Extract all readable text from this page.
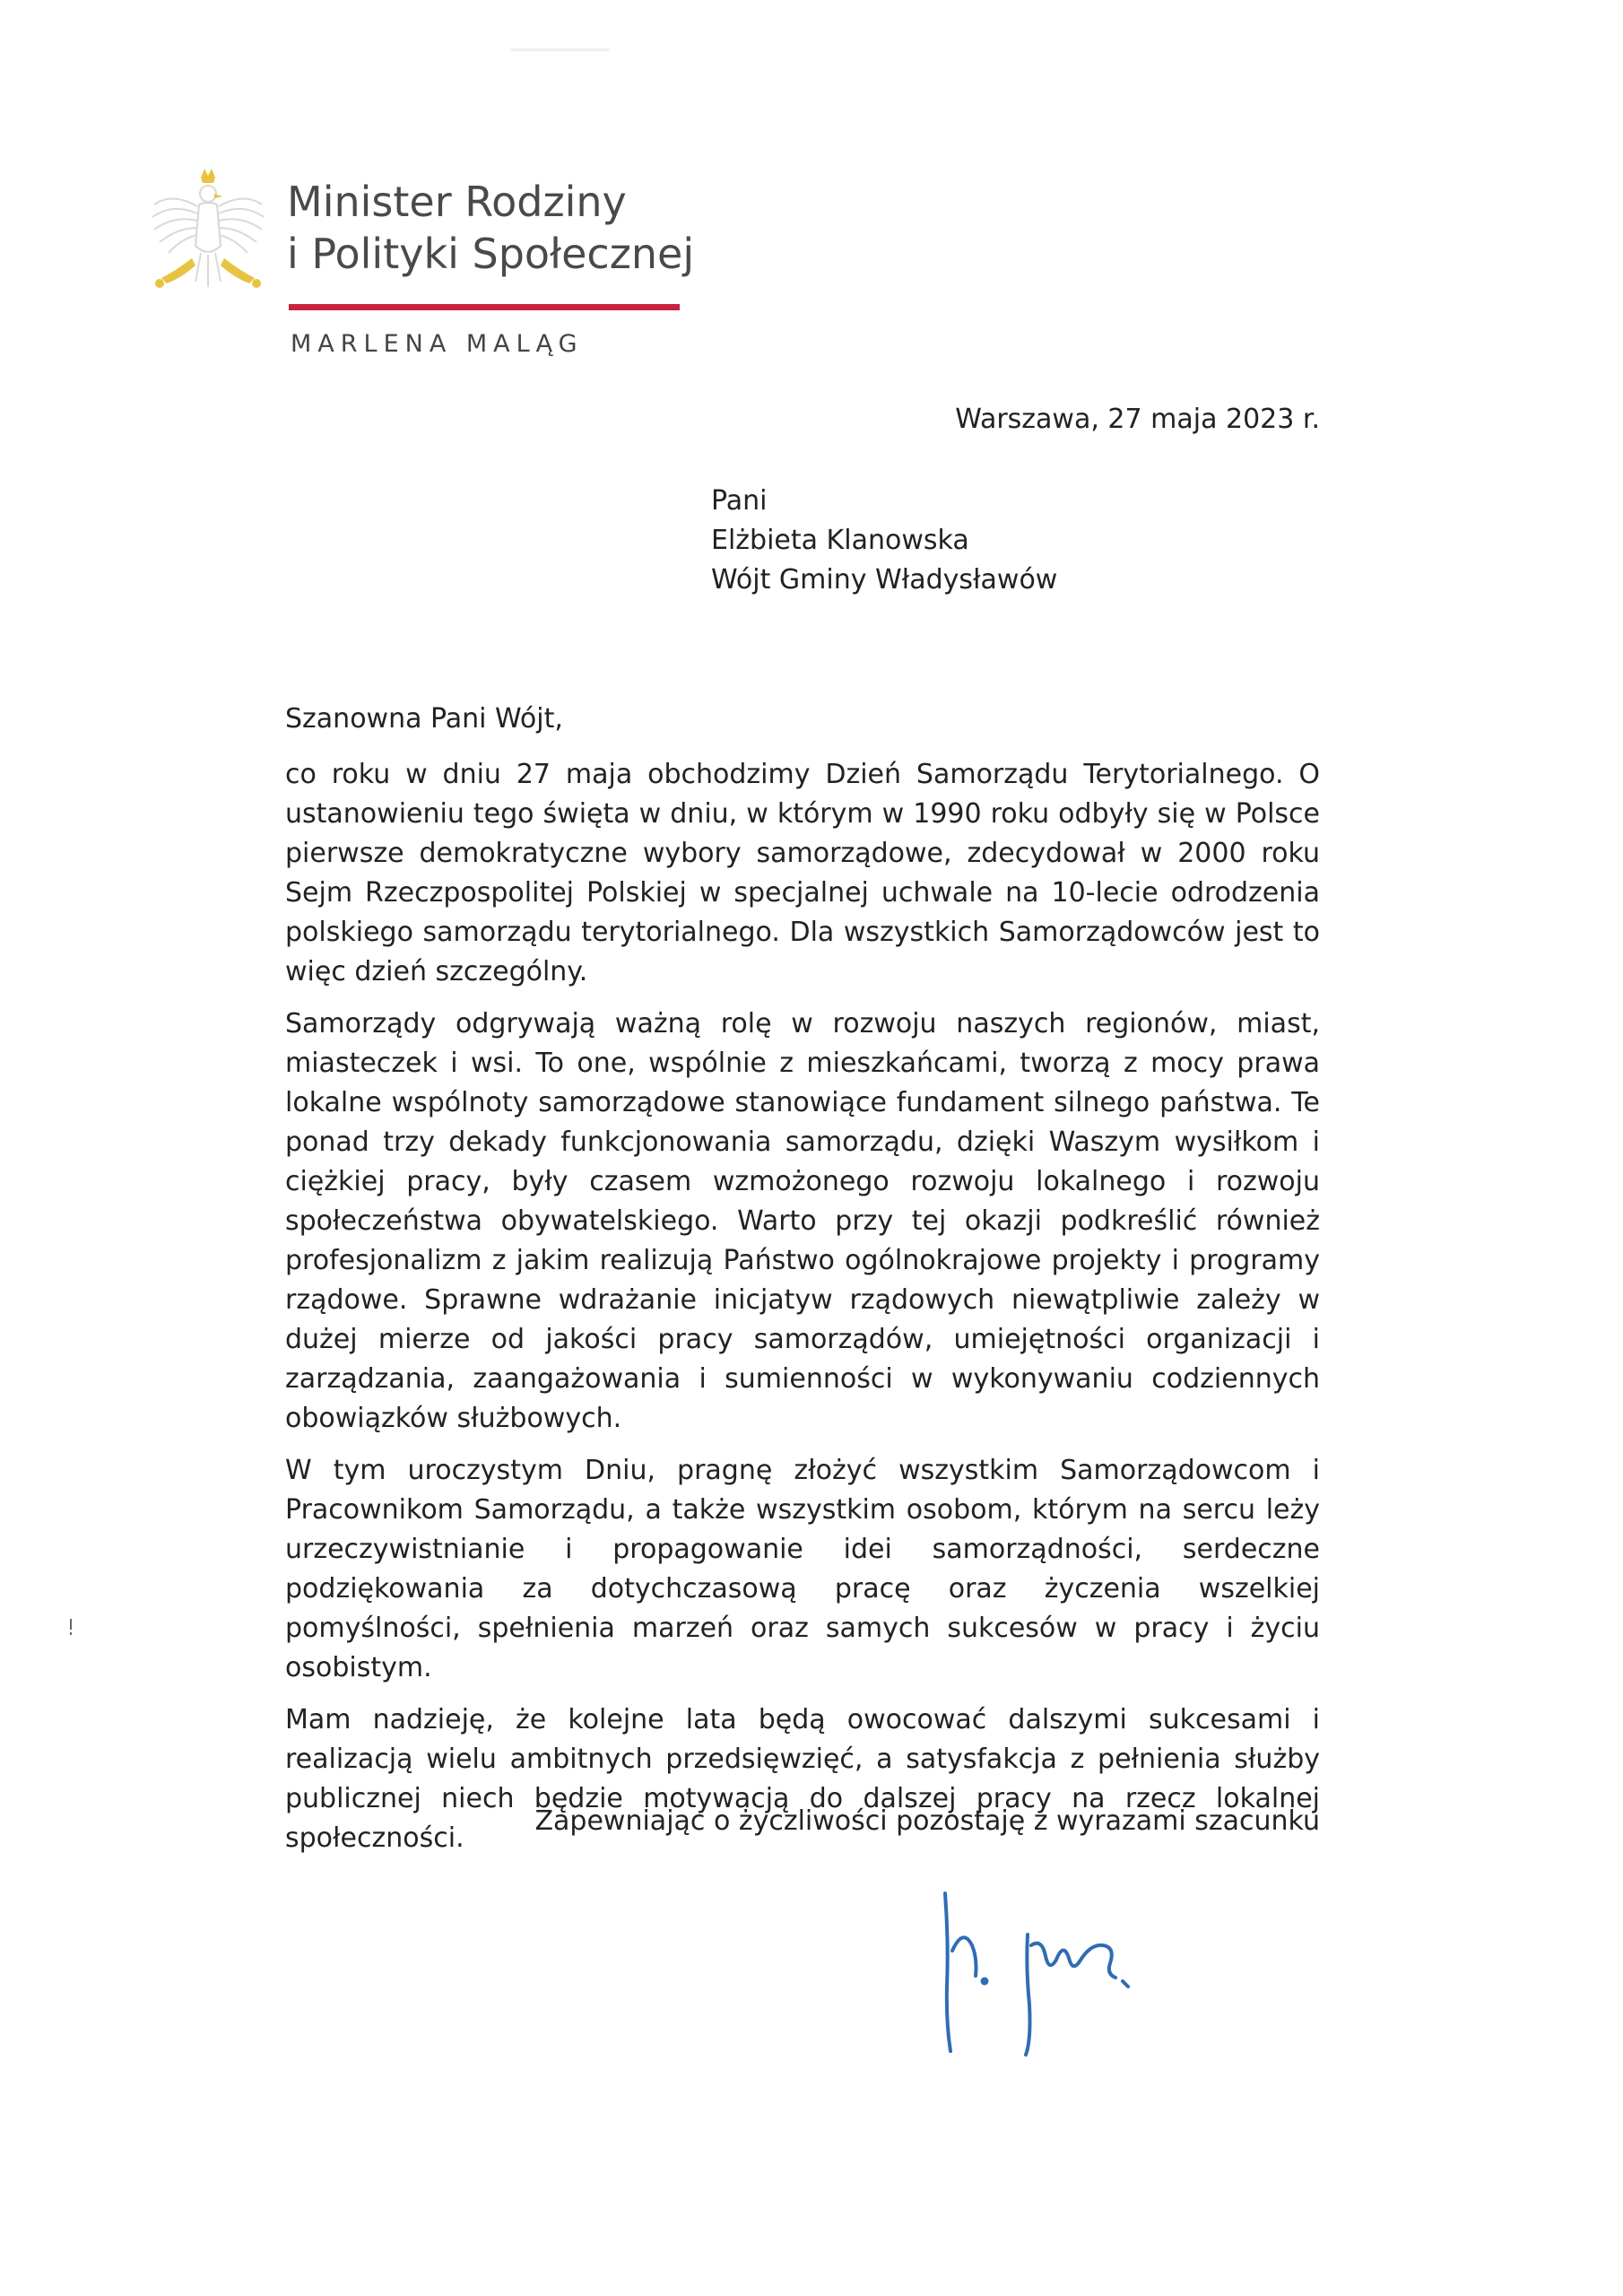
Minister Rodziny
i Polityki Społecznej
MARLENA MALĄG
Warszawa, 27 maja 2023 r.
Pani
Elżbieta Klanowska
Wójt Gminy Władysławów
Szanowna Pani Wójt,

co roku w dniu 27 maja obchodzimy Dzień Samorządu Terytorialnego. O ustanowieniu tego święta w dniu, w którym w 1990 roku odbyły się w Polsce pierwsze demokratyczne wybory samorządowe, zdecydował w 2000 roku Sejm Rzeczpospolitej Polskiej w specjalnej uchwale na 10-lecie odrodzenia polskiego samorządu terytorialnego. Dla wszystkich Samorządowców jest to więc dzień szczególny.

Samorządy odgrywają ważną rolę w rozwoju naszych regionów, miast, miasteczek i wsi. To one, wspólnie z mieszkańcami, tworzą z mocy prawa lokalne wspólnoty samorządowe stanowiące fundament silnego państwa. Te ponad trzy dekady funkcjonowania samorządu, dzięki Waszym wysiłkom i ciężkiej pracy, były czasem wzmożonego rozwoju lokalnego i rozwoju społeczeństwa obywatelskiego. Warto przy tej okazji podkreślić również profesjonalizm z jakim realizują Państwo ogólnokrajowe projekty i programy rządowe. Sprawne wdrażanie inicjatyw rządowych niewątpliwie zależy w dużej mierze od jakości pracy samorządów, umiejętności organizacji i zarządzania, zaangażowania i sumienności w wykonywaniu codziennych obowiązków służbowych.

W tym uroczystym Dniu, pragnę złożyć wszystkim Samorządowcom i Pracownikom Samorządu, a także wszystkim osobom, którym na sercu leży urzeczywistnianie i propagowanie idei samorządności, serdeczne podziękowania za dotychczasową pracę oraz życzenia wszelkiej pomyślności, spełnienia marzeń oraz samych sukcesów w pracy i życiu osobistym.

Mam nadzieję, że kolejne lata będą owocować dalszymi sukcesami i realizacją wielu ambitnych przedsięwzięć, a satysfakcja z pełnienia służby publicznej niech będzie motywacją do dalszej pracy na rzecz lokalnej społeczności.

Zapewniając o życzliwości pozostaję z wyrazami szacunku
